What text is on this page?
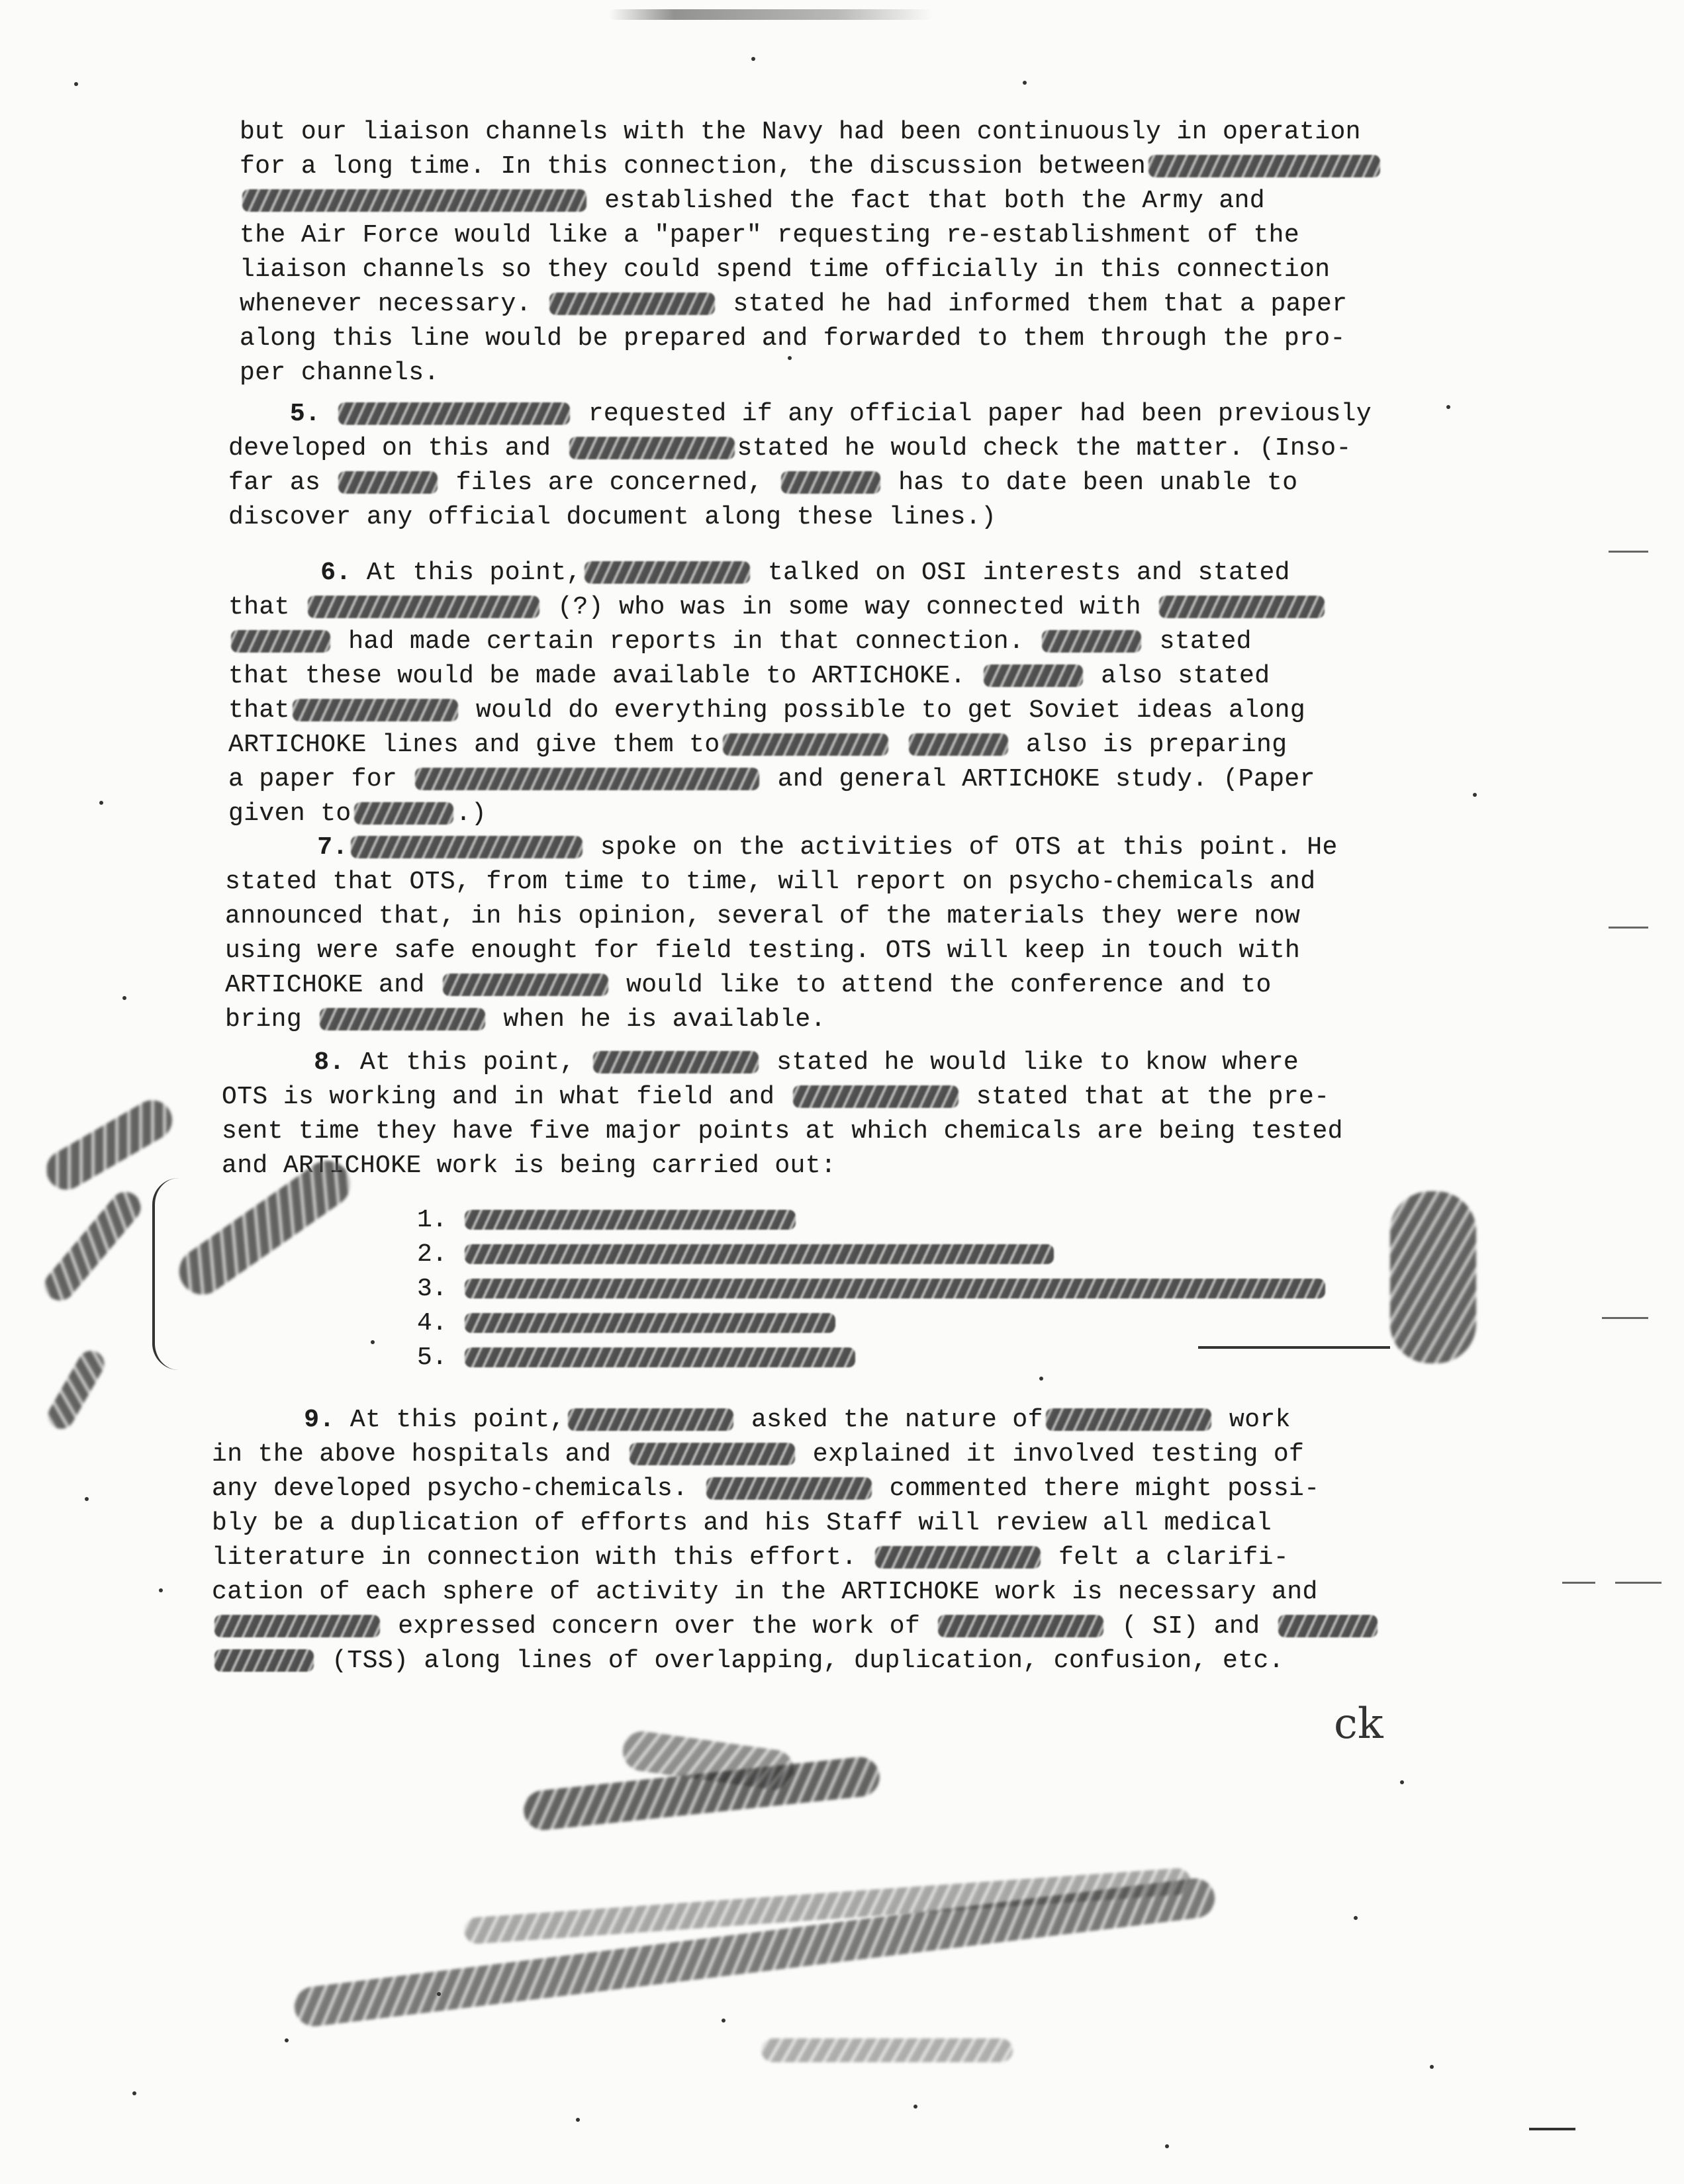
but our liaison channels with the Navy had been continuously in operation
for a long time. In this connection, the discussion between
established the fact that both the Army and
the Air Force would like a "paper" requesting re-establishment of the
liaison channels so they could spend time officially in this connection
whenever necessary.	stated he had informed them that a paper
along this line would be prepared and forwarded to them through the pro-
per channels.
5.	requested if any official paper had been previously
developed on this and	stated he would check the matter. (Inso-
far as	files are concerned,	has to date been unable to
discover any official document along these lines.)
6. At this point,	talked on OSI interests and stated
that	(?) who was in some way connected with
had made certain reports in that connection.	stated
that these would be made available to ARTICHOKE.	also stated
that	would do everything possible to get Soviet ideas along
ARTICHOKE lines and give them to	also is preparing
a paper for	and general ARTICHOKE study. (Paper
given to	.)
7.	spoke on the activities of OTS at this point. He
stated that OTS, from time to time, will report on psycho-chemicals and
announced that, in his opinion, several of the materials they were now
using were safe enought for field testing. OTS will keep in touch with
ARTICHOKE and	would like to attend the conference and to
bring	when he is available.
8. At this point,	stated he would like to know where
OTS is working and in what field and	stated that at the pre-
sent time they have five major points at which chemicals are being tested
and ARTICHOKE work is being carried out:
1.
2.
3.
4.
5.
9. At this point,	asked the nature of	work
in the above hospitals and	explained it involved testing of
any developed psycho-chemicals.	commented there might possi-
bly be a duplication of efforts and his Staff will review all medical
literature in connection with this effort.	felt a clarifi-
cation of each sphere of activity in the ARTICHOKE work is necessary and
expressed concern over the work of	( SI) and
(TSS) along lines of overlapping, duplication, confusion, etc.
ck
